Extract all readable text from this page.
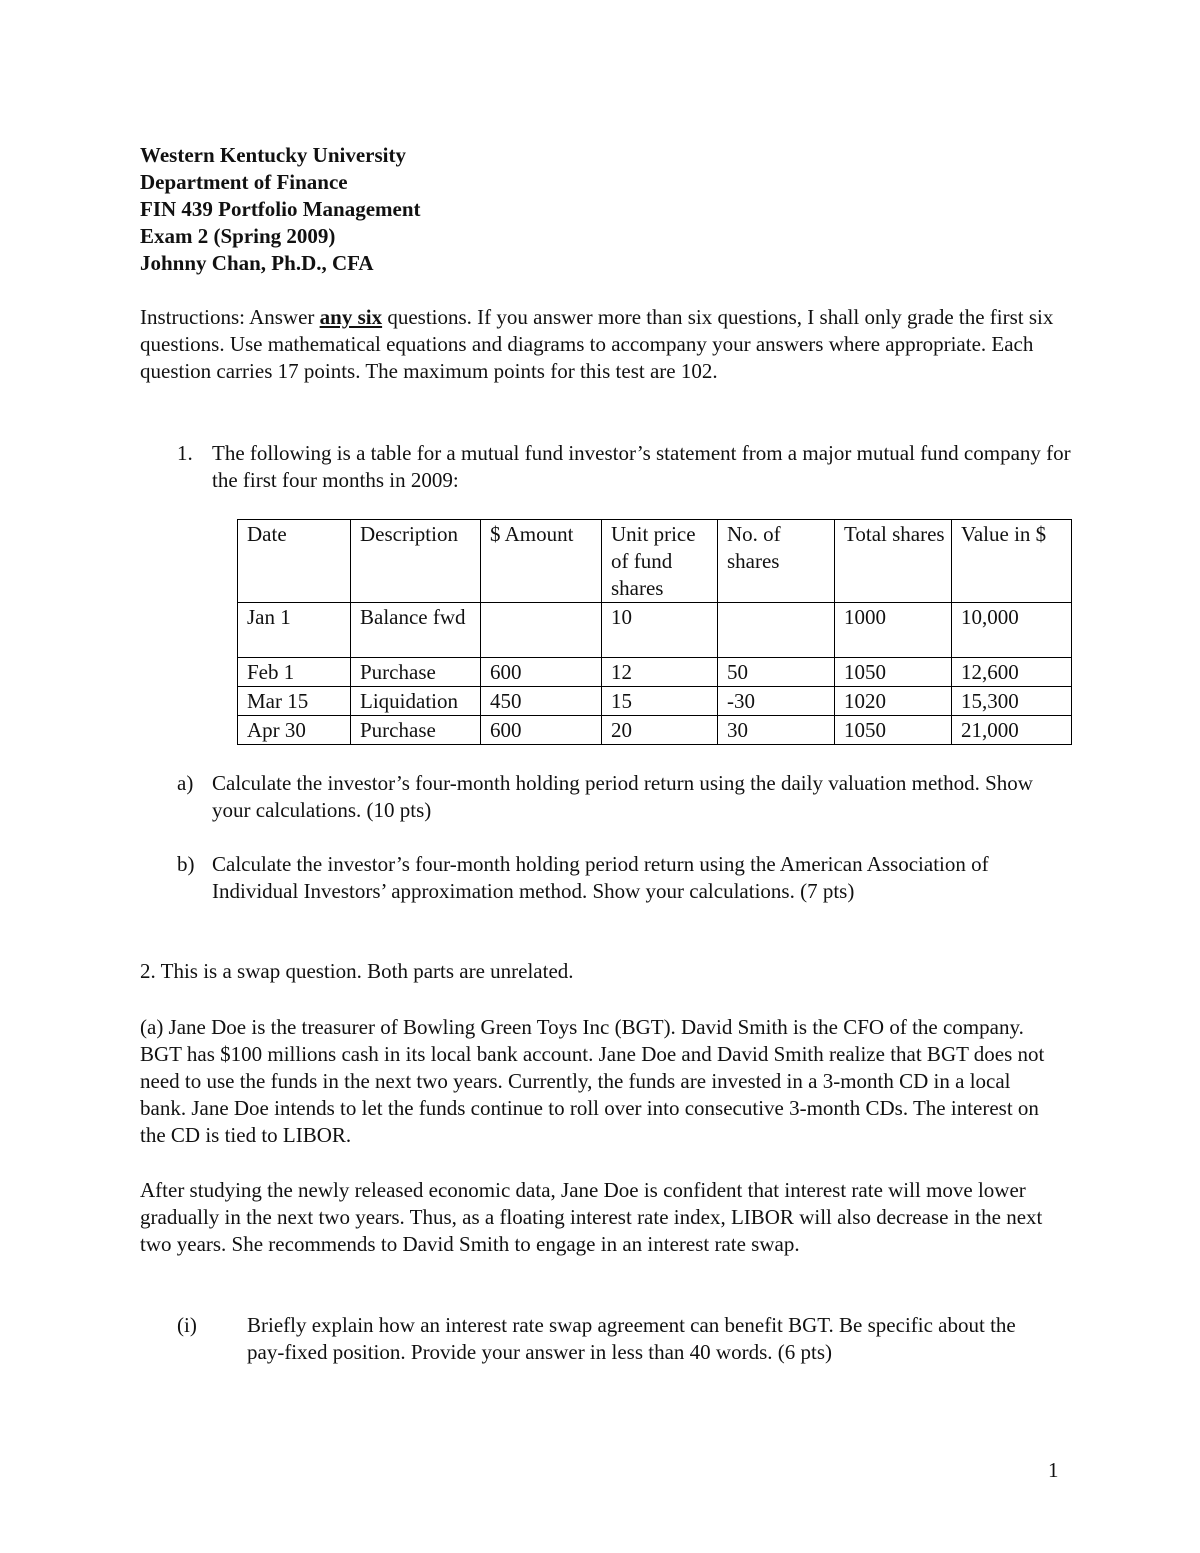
Western Kentucky University
Department of Finance
FIN 439 Portfolio Management
Exam 2 (Spring 2009)
Johnny Chan, Ph.D., CFA
Instructions: Answer any six questions. If you answer more than six questions, I shall only grade the first six questions. Use mathematical equations and diagrams to accompany your answers where appropriate. Each question carries 17 points. The maximum points for this test are 102.
1. The following is a table for a mutual fund investor’s statement from a major mutual fund company for the first four months in 2009:
Date	Description	$ Amount	Unit price of fund shares	No. of shares	Total shares	Value in $
Jan 1	Balance fwd		10		1000	10,000
Feb 1	Purchase	600	12	50	1050	12,600
Mar 15	Liquidation	450	15	-30	1020	15,300
Apr 30	Purchase	600	20	30	1050	21,000
a) Calculate the investor’s four-month holding period return using the daily valuation method. Show your calculations. (10 pts)
b) Calculate the investor’s four-month holding period return using the American Association of Individual Investors’ approximation method. Show your calculations. (7 pts)
2. This is a swap question. Both parts are unrelated.
(a) Jane Doe is the treasurer of Bowling Green Toys Inc (BGT). David Smith is the CFO of the company. BGT has $100 millions cash in its local bank account. Jane Doe and David Smith realize that BGT does not need to use the funds in the next two years. Currently, the funds are invested in a 3-month CD in a local bank. Jane Doe intends to let the funds continue to roll over into consecutive 3-month CDs. The interest on the CD is tied to LIBOR.
After studying the newly released economic data, Jane Doe is confident that interest rate will move lower gradually in the next two years. Thus, as a floating interest rate index, LIBOR will also decrease in the next two years. She recommends to David Smith to engage in an interest rate swap.
(i) Briefly explain how an interest rate swap agreement can benefit BGT. Be specific about the pay-fixed position. Provide your answer in less than 40 words. (6 pts)
1
